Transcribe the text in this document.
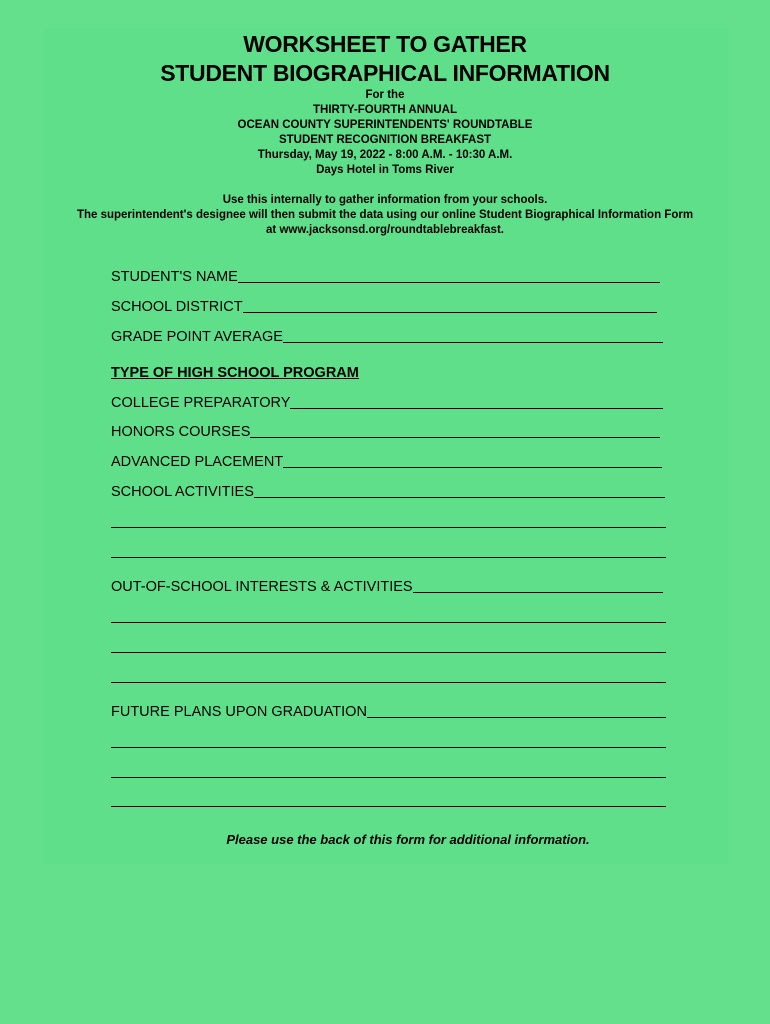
WORKSHEET TO GATHER
STUDENT BIOGRAPHICAL INFORMATION
For the
THIRTY-FOURTH ANNUAL
OCEAN COUNTY SUPERINTENDENTS' ROUNDTABLE
STUDENT RECOGNITION BREAKFAST
Thursday, May 19, 2022 - 8:00 A.M. - 10:30 A.M.
Days Hotel in Toms River
Use this internally to gather information from your schools.
The superintendent's designee will then submit the data using our online Student Biographical Information Form
at www.jacksonsd.org/roundtablebreakfast.
STUDENT'S NAME
SCHOOL DISTRICT
GRADE POINT AVERAGE
TYPE OF HIGH SCHOOL PROGRAM
COLLEGE PREPARATORY
HONORS COURSES
ADVANCED PLACEMENT
SCHOOL ACTIVITIES
OUT-OF-SCHOOL INTERESTS & ACTIVITIES
FUTURE PLANS UPON GRADUATION
Please use the back of this form for additional information.
